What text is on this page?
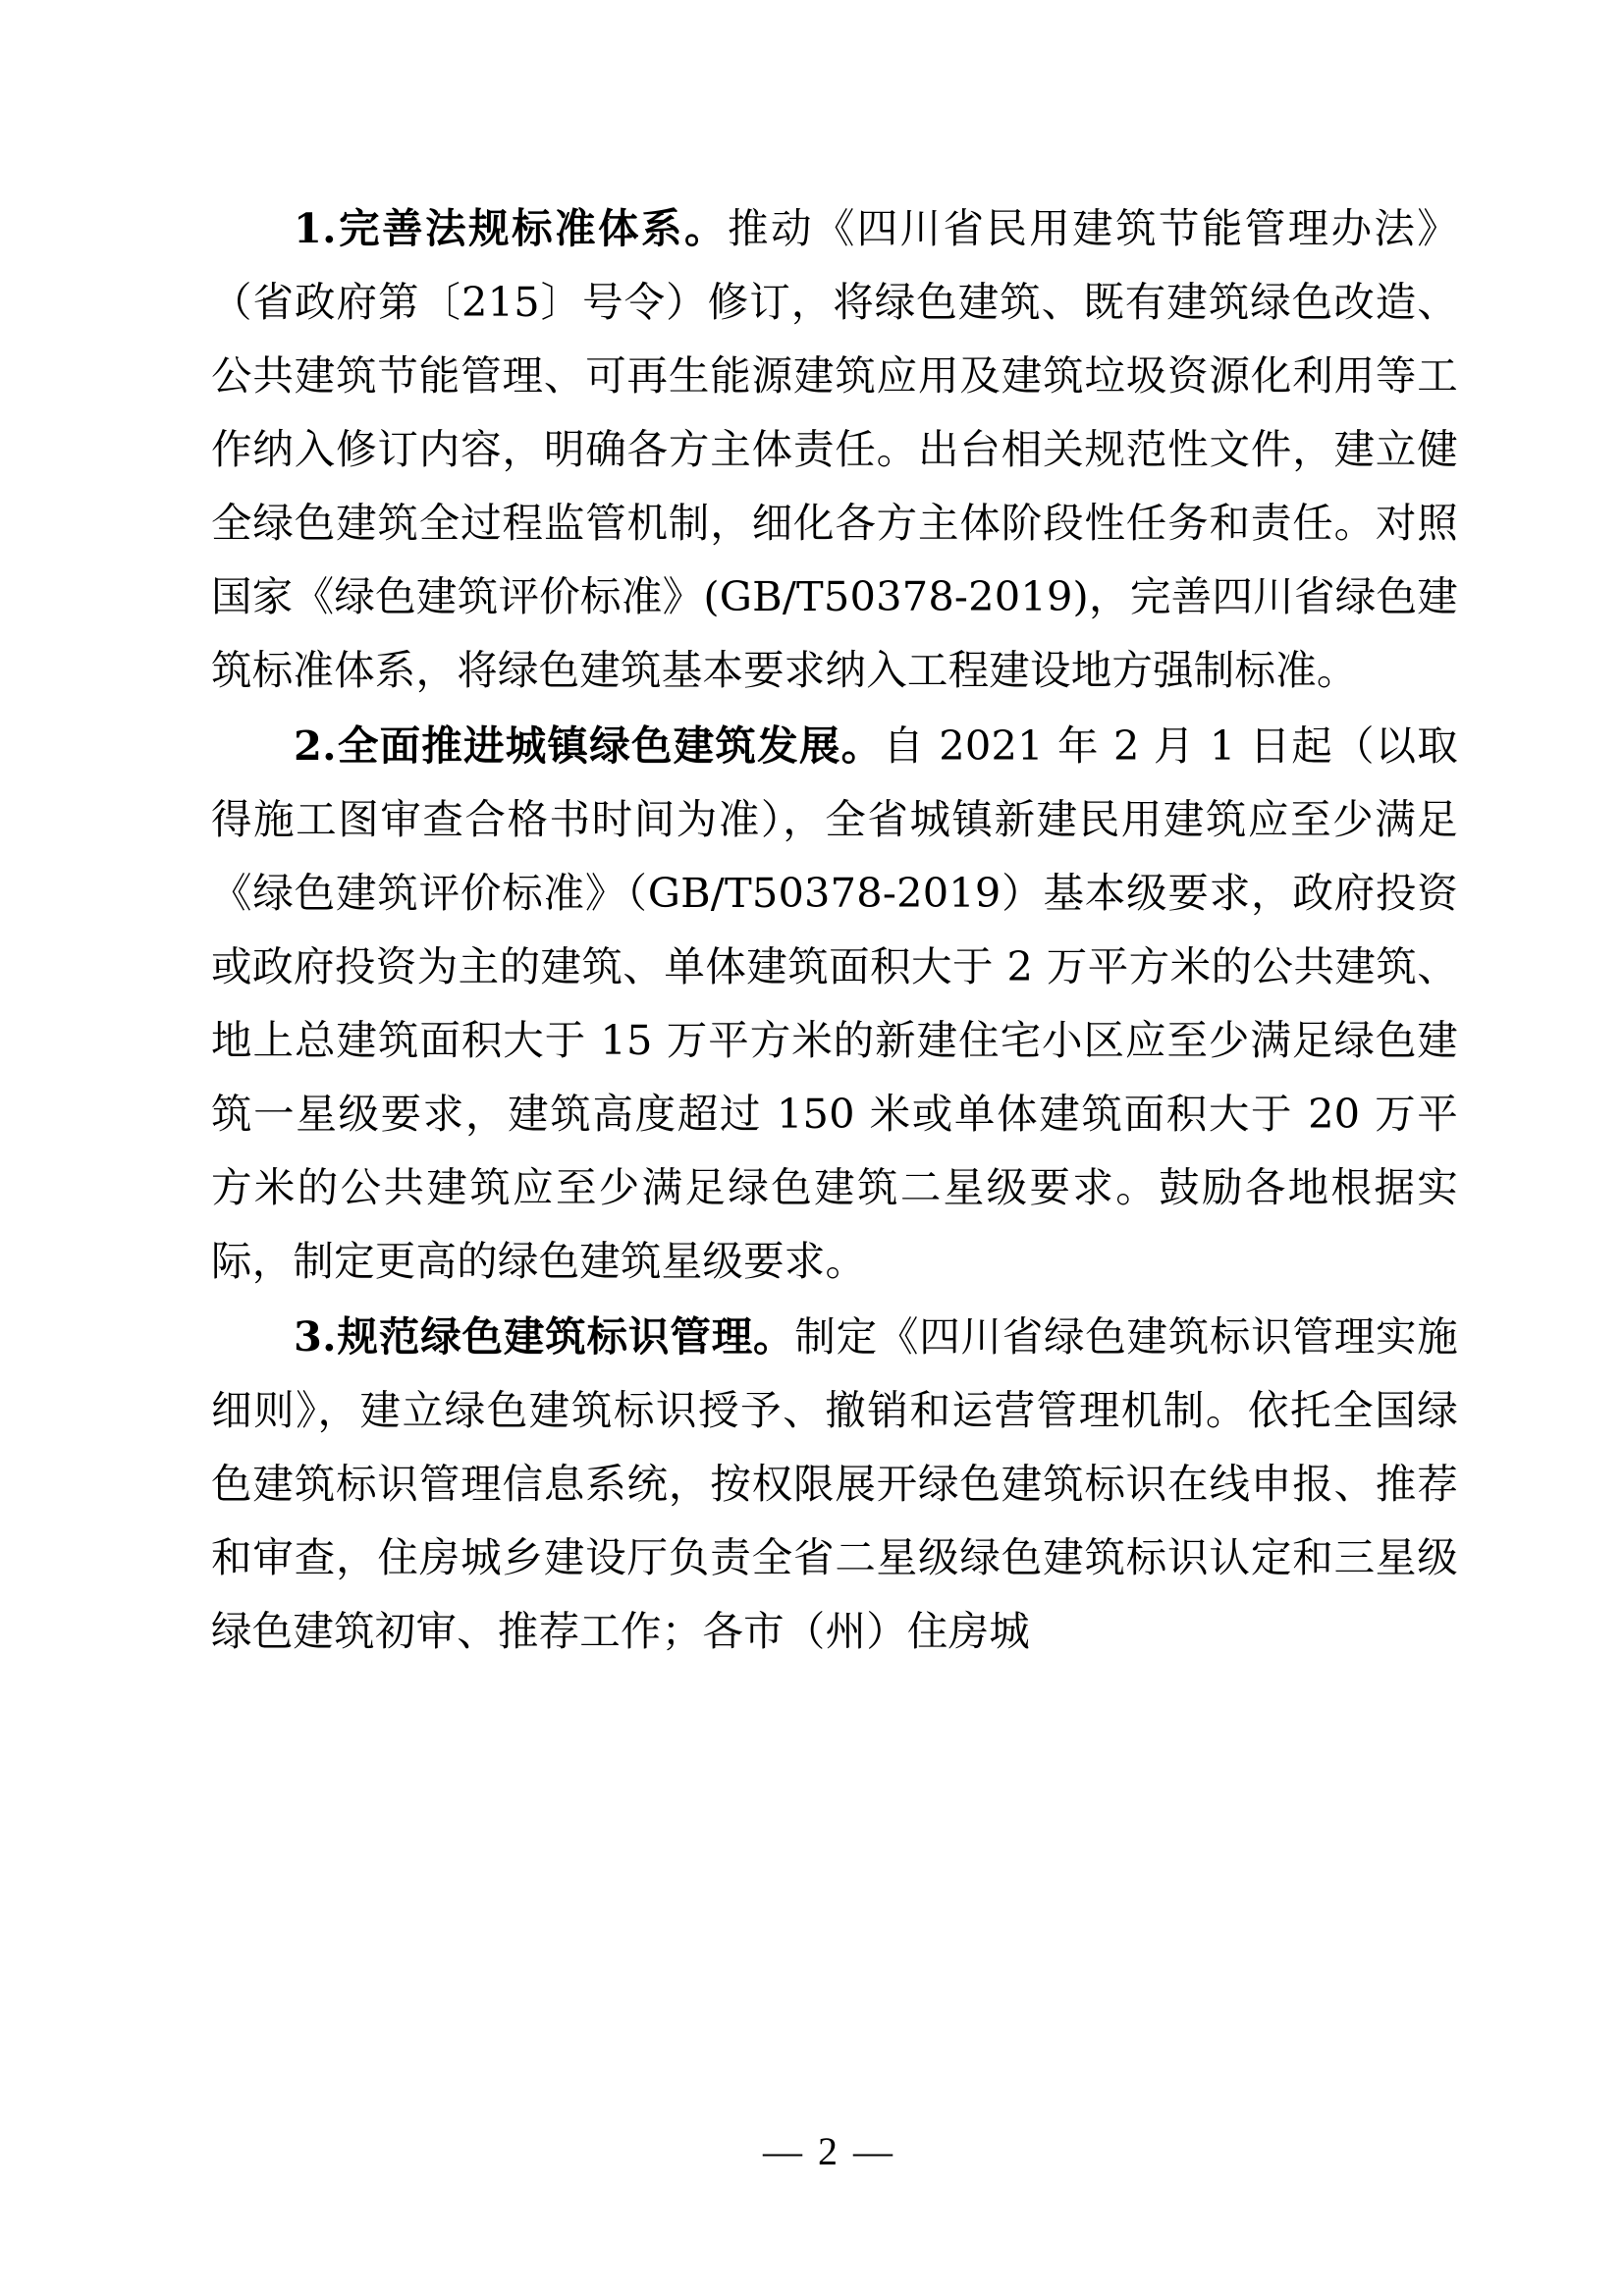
1.完善法规标准体系。推动《四川省民用建筑节能管理办法》（省政府第〔215〕号令）修订，将绿色建筑、既有建筑绿色改造、公共建筑节能管理、可再生能源建筑应用及建筑垃圾资源化利用等工作纳入修订内容，明确各方主体责任。出台相关规范性文件，建立健全绿色建筑全过程监管机制，细化各方主体阶段性任务和责任。对照国家《绿色建筑评价标准》(GB/T50378-2019)，完善四川省绿色建筑标准体系，将绿色建筑基本要求纳入工程建设地方强制标准。

2.全面推进城镇绿色建筑发展。自 2021 年 2 月 1 日起（以取得施工图审查合格书时间为准），全省城镇新建民用建筑应至少满足《绿色建筑评价标准》（GB/T50378-2019）基本级要求，政府投资或政府投资为主的建筑、单体建筑面积大于 2 万平方米的公共建筑、地上总建筑面积大于 15 万平方米的新建住宅小区应至少满足绿色建筑一星级要求，建筑高度超过 150 米或单体建筑面积大于 20 万平方米的公共建筑应至少满足绿色建筑二星级要求。鼓励各地根据实际，制定更高的绿色建筑星级要求。

3.规范绿色建筑标识管理。制定《四川省绿色建筑标识管理实施细则》，建立绿色建筑标识授予、撤销和运营管理机制。依托全国绿色建筑标识管理信息系统，按权限展开绿色建筑标识在线申报、推荐和审查，住房城乡建设厅负责全省二星级绿色建筑标识认定和三星级绿色建筑初审、推荐工作；各市（州）住房城

— 2 —
